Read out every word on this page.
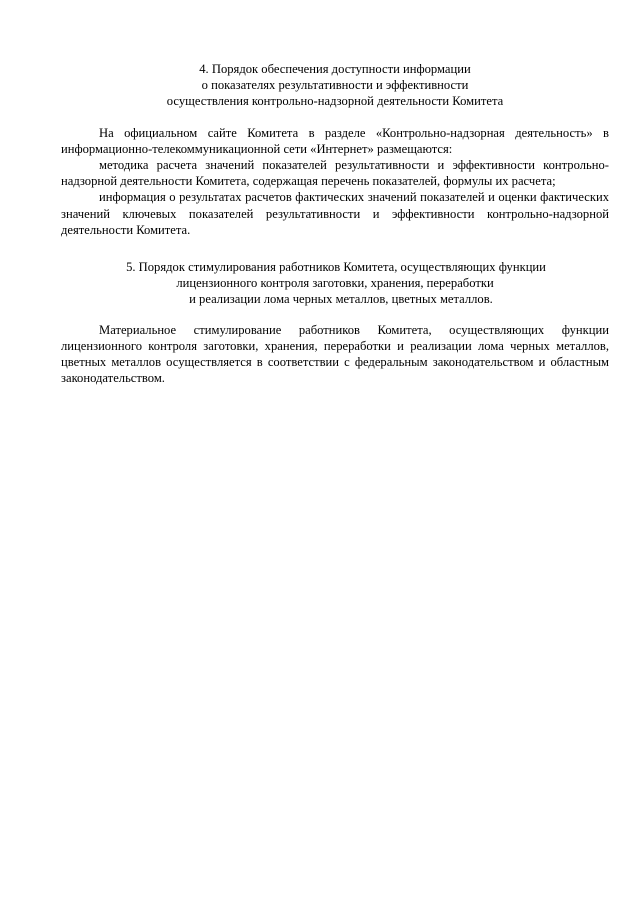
4. Порядок обеспечения доступности информации
о показателях результативности и эффективности
осуществления контрольно-надзорной деятельности Комитета

На официальном сайте Комитета в разделе «Контрольно-надзорная деятельность» в информационно-телекоммуникационной сети «Интернет» размещаются:

методика расчета значений показателей результативности и эффективности контрольно-надзорной деятельности Комитета, содержащая перечень показателей, формулы их расчета;

информация о результатах расчетов фактических значений показателей и оценки фактических значений ключевых показателей результативности и эффективности контрольно-надзорной деятельности Комитета.

5. Порядок стимулирования работников Комитета, осуществляющих функции
лицензионного контроля заготовки, хранения, переработки
и реализации лома черных металлов, цветных металлов.

Материальное стимулирование работников Комитета, осуществляющих функции лицензионного контроля заготовки, хранения, переработки и реализации лома черных металлов, цветных металлов осуществляется в соответствии с федеральным законодательством и областным законодательством.
